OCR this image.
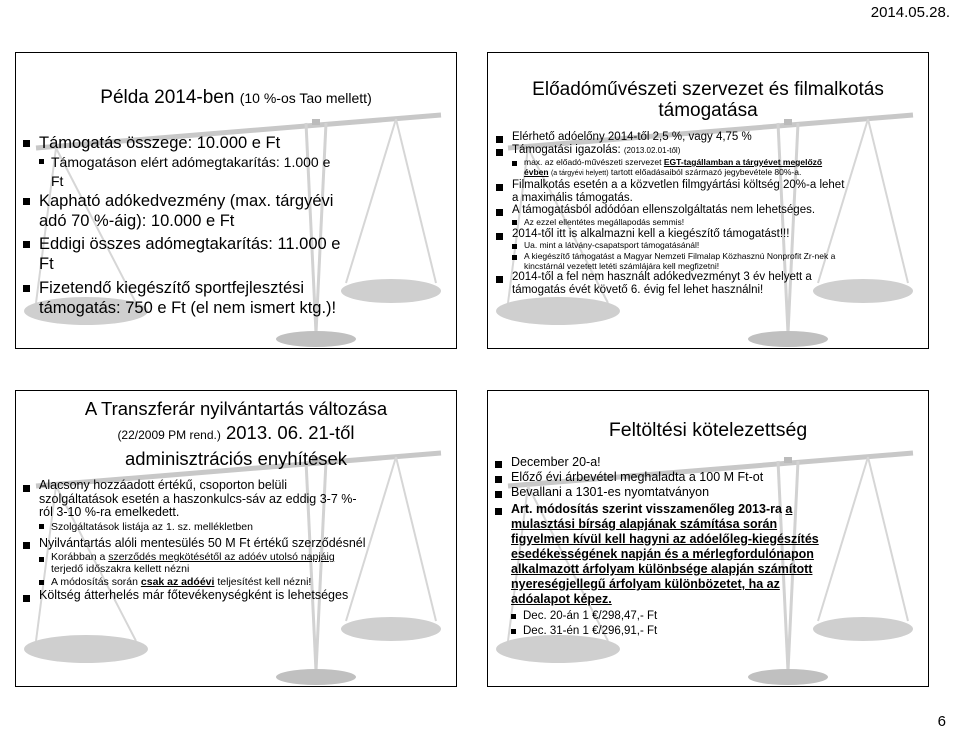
2014.05.28.
Példa 2014-ben (10 %-os Tao mellett)
Támogatás összege: 10.000 e Ft
Támogatáson elért adómegtakarítás: 1.000 e Ft
Kapható adókedvezmény (max. tárgyévi adó 70 %-áig): 10.000 e Ft
Eddigi összes adómegtakarítás: 11.000 e Ft
Fizetendő kiegészítő sportfejlesztési támogatás: 750 e Ft (el nem ismert ktg.)!
Előadóművészeti szervezet és filmalkotás támogatása
Elérhető adóelőny 2014-től 2,5 %, vagy 4,75 %
Támogatási igazolás: (2013.02.01-től)
max. az előadó-művészeti szervezet EGT-tagállamban a tárgyévet megelőző évben (a tárgyévi helyett) tartott előadásaiból származó jegybevétele 80%-a.
Filmalkotás esetén a a közvetlen filmgyártási költség 20%-a lehet a maximális támogatás.
A támogatásból adódóan ellenszolgáltatás nem lehetséges.
Az ezzel ellentétes megállapodás semmis!
2014-től itt is alkalmazni kell a kiegészítő támogatást!!!
Ua. mint a látvány-csapatsport támogatásánál!
A kiegészítő támogatást a Magyar Nemzeti Filmalap Közhasznú Nonprofit Zr-nek a kincstárnál vezetett letéti számlájára kell megfizetni!
2014-től a fel nem használt adókedvezményt 3 év helyett a támogatás évét követő 6. évig fel lehet használni!
A Transzferár nyilvántartás változása
(22/2009 PM rend.) 2013. 06. 21-től
adminisztrációs enyhítések
Alacsony hozzáadott értékű, csoporton belüli szolgáltatások esetén a haszonkulcs-sáv az eddig 3-7 %-ról 3-10 %-ra emelkedett.
Szolgáltatások listája az 1. sz. mellékletben
Nyilvántartás alóli mentesülés 50 M Ft értékű szerződésnél
Korábban a szerződés megkötésétől az adóév utolsó napjáig terjedő időszakra kellett nézni
A módosítás során csak az adóévi teljesítést kell nézni!
Költség átterhelés már főtevékenységként is lehetséges
Feltöltési kötelezettség
December 20-a!
Előző évi árbevétel meghaladta a 100 M Ft-ot
Bevallani a 1301-es nyomtatványon
Art. módosítás szerint visszamenőleg 2013-ra a mulasztási bírság alapjának számítása során figyelmen kívül kell hagyni az adóelőleg-kiegészítés esedékességének napján és a mérlegfordulónapon alkalmazott árfolyam különbsége alapján számított nyereségjellegű árfolyam különbözetet, ha az adóalapot képez.
Dec. 20-án 1 €/298,47,- Ft
Dec. 31-én 1 €/296,91,- Ft
6
